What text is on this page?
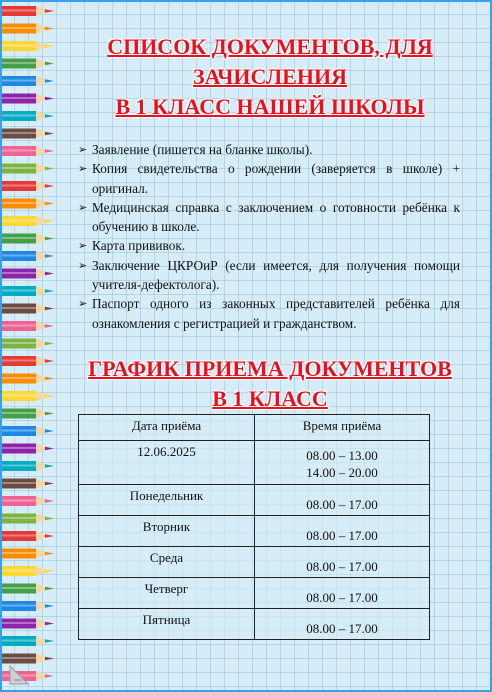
СПИСОК ДОКУМЕНТОВ, ДЛЯ
ЗАЧИСЛЕНИЯ
В 1 КЛАСС НАШЕЙ ШКОЛЫ
➢ Заявление (пишется на бланке школы).
➢ Копия свидетельства о рождении (заверяется в школе) + оригинал.
➢ Медицинская справка с заключением о готовности ребёнка к обучению в школе.
➢ Карта прививок.
➢ Заключение ЦКРОиР (если имеется, для получения помощи учителя-дефектолога).
➢ Паспорт одного из законных представителей ребёнка для ознакомления с регистрацией и гражданством.
ГРАФИК ПРИЕМА ДОКУМЕНТОВ
В 1 КЛАСС
Дата приёма	Время приёма
12.06.2025	08.00 – 13.00
14.00 – 20.00

Понедельник	08.00 – 17.00
Вторник	08.00 – 17.00
Среда	08.00 – 17.00
Четверг	08.00 – 17.00
Пятница	08.00 – 17.00
